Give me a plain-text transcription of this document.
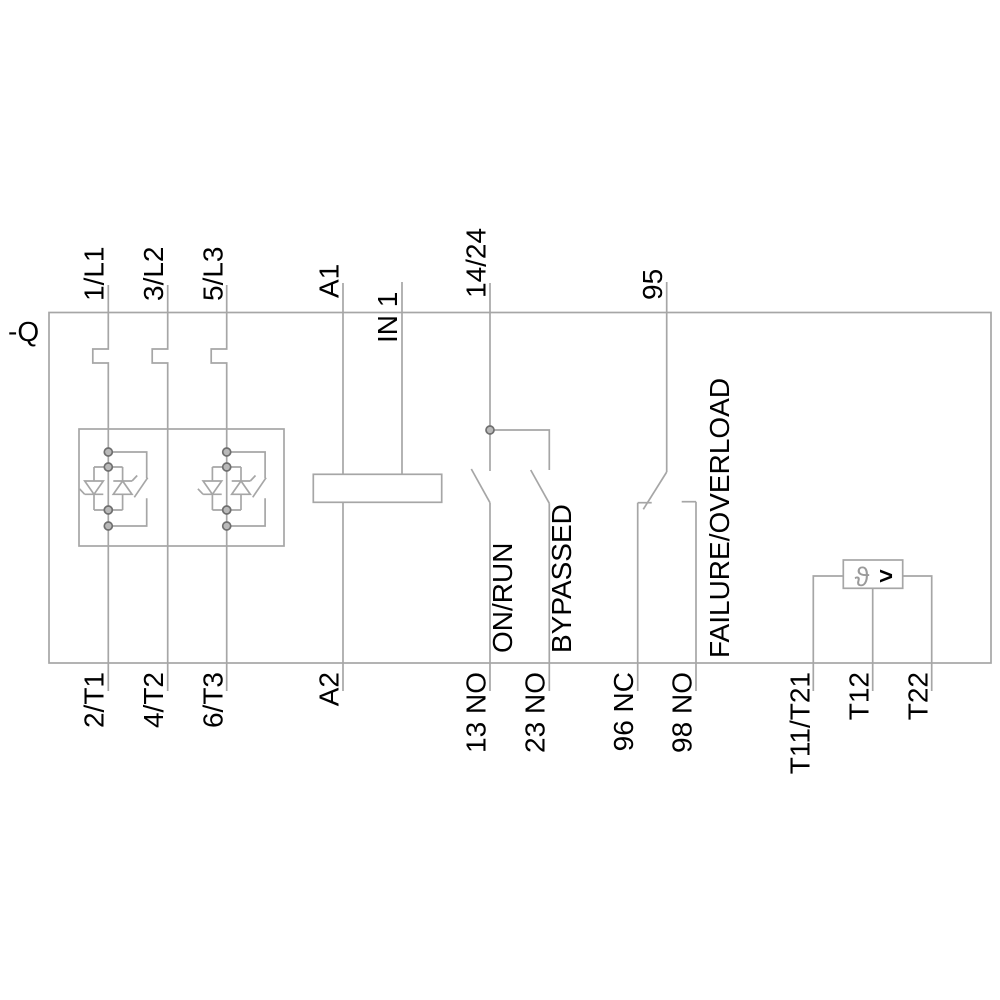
ϑ >
-Q
1/L1 3/L2 5/L3	A1
IN 1
14/24	95
ON/RUN BYPASSED	FAILURE/OVERLOAD
2/T1 4/T2 6/T3	A2	13 NO 23 NO 96 NC 98 NO	T11/T21 T12 T22
